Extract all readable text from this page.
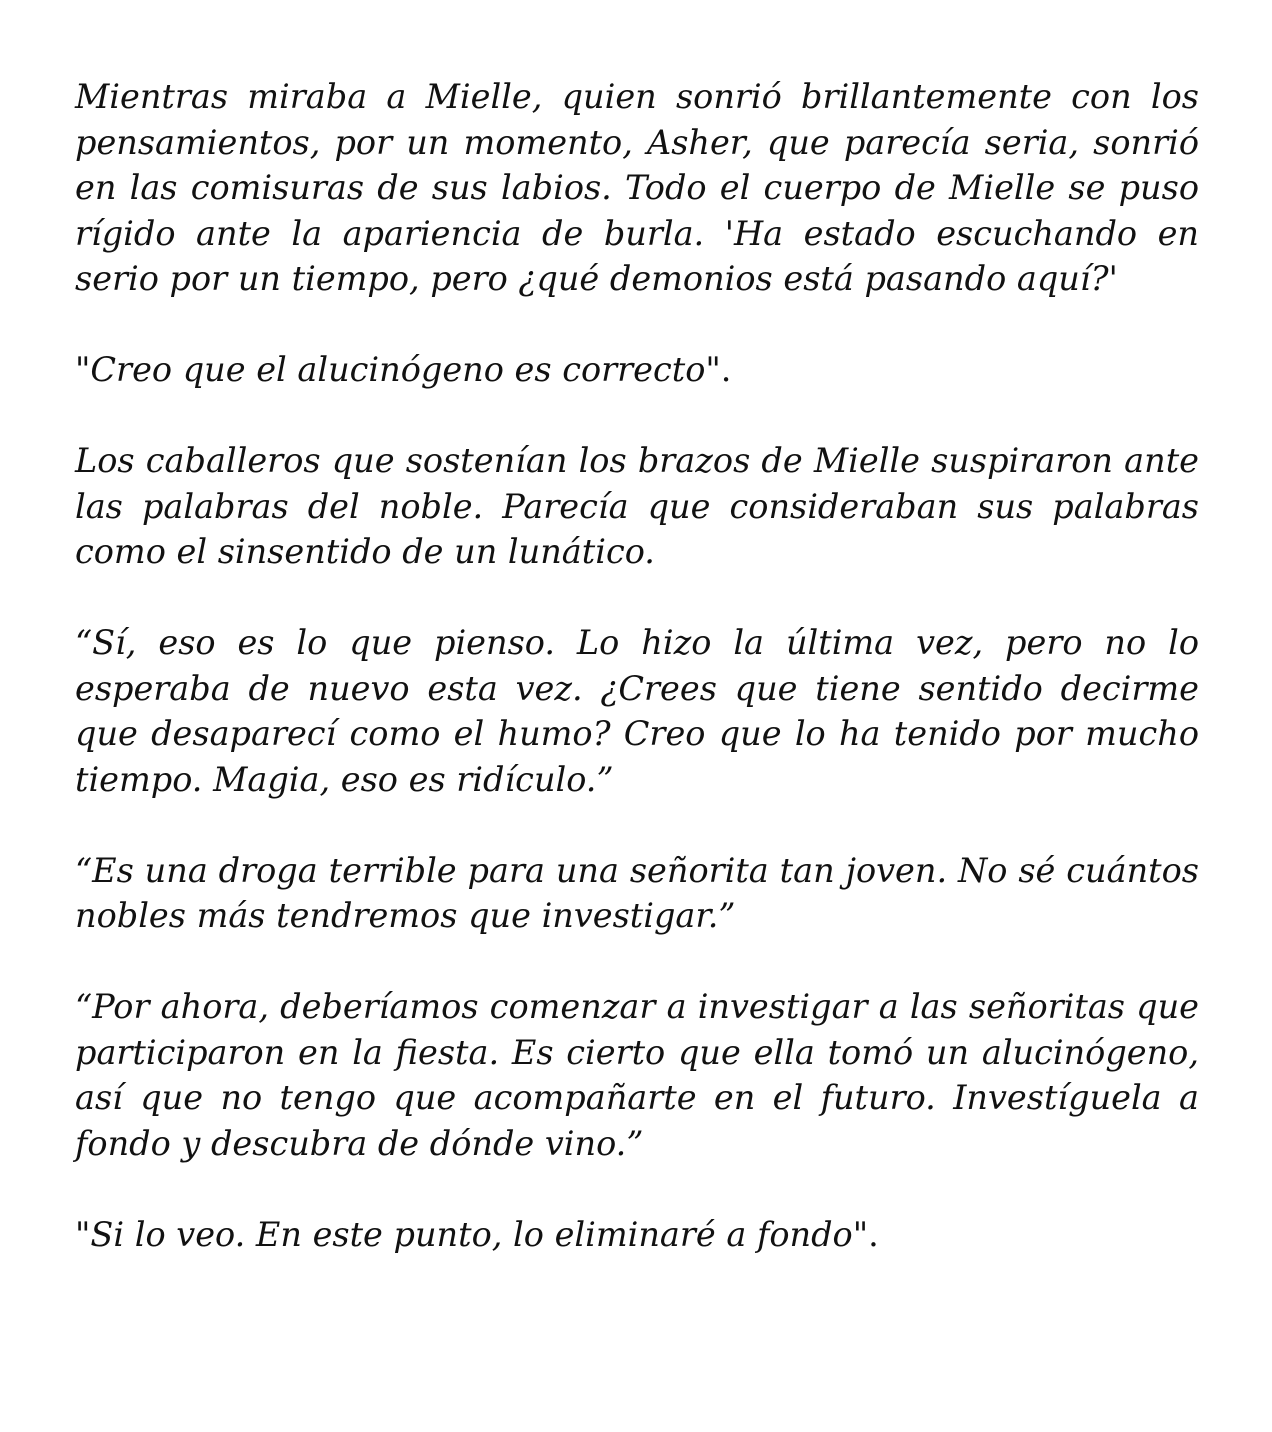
Mientras miraba a Mielle, quien sonrió brillantemente con los pensamientos, por un momento, Asher, que parecía seria, sonrió en las comisuras de sus labios. Todo el cuerpo de Mielle se puso rígido ante la apariencia de burla. 'Ha estado escuchando en serio por un tiempo, pero ¿qué demonios está pasando aquí?'

"Creo que el alucinógeno es correcto".

Los caballeros que sostenían los brazos de Mielle suspiraron ante las palabras del noble. Parecía que consideraban sus palabras como el sinsentido de un lunático.

“Sí, eso es lo que pienso. Lo hizo la última vez, pero no lo esperaba de nuevo esta vez. ¿Crees que tiene sentido decirme que desaparecí como el humo? Creo que lo ha tenido por mucho tiempo. Magia, eso es ridículo.”

“Es una droga terrible para una señorita tan joven. No sé cuántos nobles más tendremos que investigar.”

“Por ahora, deberíamos comenzar a investigar a las señoritas que participaron en la fiesta. Es cierto que ella tomó un alucinógeno, así que no tengo que acompañarte en el futuro. Investíguela a fondo y descubra de dónde vino.”

"Si lo veo. En este punto, lo eliminaré a fondo".
